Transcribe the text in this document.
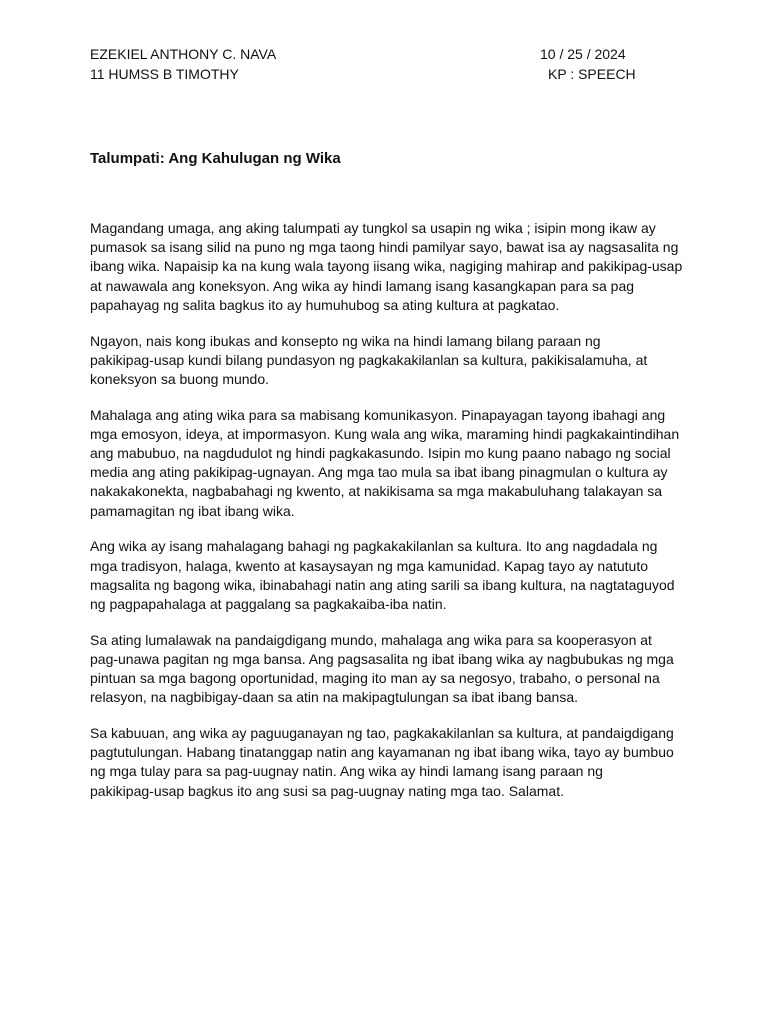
EZEKIEL ANTHONY C. NAVA	10 / 25 / 2024
11 HUMSS B TIMOTHY	KP : SPEECH
Talumpati: Ang Kahulugan ng Wika

Magandang umaga, ang aking talumpati ay tungkol sa usapin ng wika ; isipin mong ikaw ay
pumasok sa isang silid na puno ng mga taong hindi pamilyar sayo, bawat isa ay nagsasalita ng
ibang wika. Napaisip ka na kung wala tayong iisang wika, nagiging mahirap and pakikipag-usap
at nawawala ang koneksyon. Ang wika ay hindi lamang isang kasangkapan para sa pag
papahayag ng salita bagkus ito ay humuhubog sa ating kultura at pagkatao.

Ngayon, nais kong ibukas and konsepto ng wika na hindi lamang bilang paraan ng
pakikipag-usap kundi bilang pundasyon ng pagkakakilanlan sa kultura, pakikisalamuha, at
koneksyon sa buong mundo.

Mahalaga ang ating wika para sa mabisang komunikasyon. Pinapayagan tayong ibahagi ang
mga emosyon, ideya, at impormasyon. Kung wala ang wika, maraming hindi pagkakaintindihan
ang mabubuo, na nagdudulot ng hindi pagkakasundo. Isipin mo kung paano nabago ng social
media ang ating pakikipag-ugnayan. Ang mga tao mula sa ibat ibang pinagmulan o kultura ay
nakakakonekta, nagbabahagi ng kwento, at nakikisama sa mga makabuluhang talakayan sa
pamamagitan ng ibat ibang wika.

Ang wika ay isang mahalagang bahagi ng pagkakakilanlan sa kultura. Ito ang nagdadala ng
mga tradisyon, halaga, kwento at kasaysayan ng mga kamunidad. Kapag tayo ay natututo
magsalita ng bagong wika, ibinabahagi natin ang ating sarili sa ibang kultura, na nagtataguyod
ng pagpapahalaga at paggalang sa pagkakaiba-iba natin.

Sa ating lumalawak na pandaigdigang mundo, mahalaga ang wika para sa kooperasyon at
pag-unawa pagitan ng mga bansa. Ang pagsasalita ng ibat ibang wika ay nagbubukas ng mga
pintuan sa mga bagong oportunidad, maging ito man ay sa negosyo, trabaho, o personal na
relasyon, na nagbibigay-daan sa atin na makipagtulungan sa ibat ibang bansa.

Sa kabuuan, ang wika ay paguuganayan ng tao, pagkakakilanlan sa kultura, at pandaigdigang
pagtutulungan. Habang tinatanggap natin ang kayamanan ng ibat ibang wika, tayo ay bumbuo
ng mga tulay para sa pag-uugnay natin. Ang wika ay hindi lamang isang paraan ng
pakikipag-usap bagkus ito ang susi sa pag-uugnay nating mga tao. Salamat.
